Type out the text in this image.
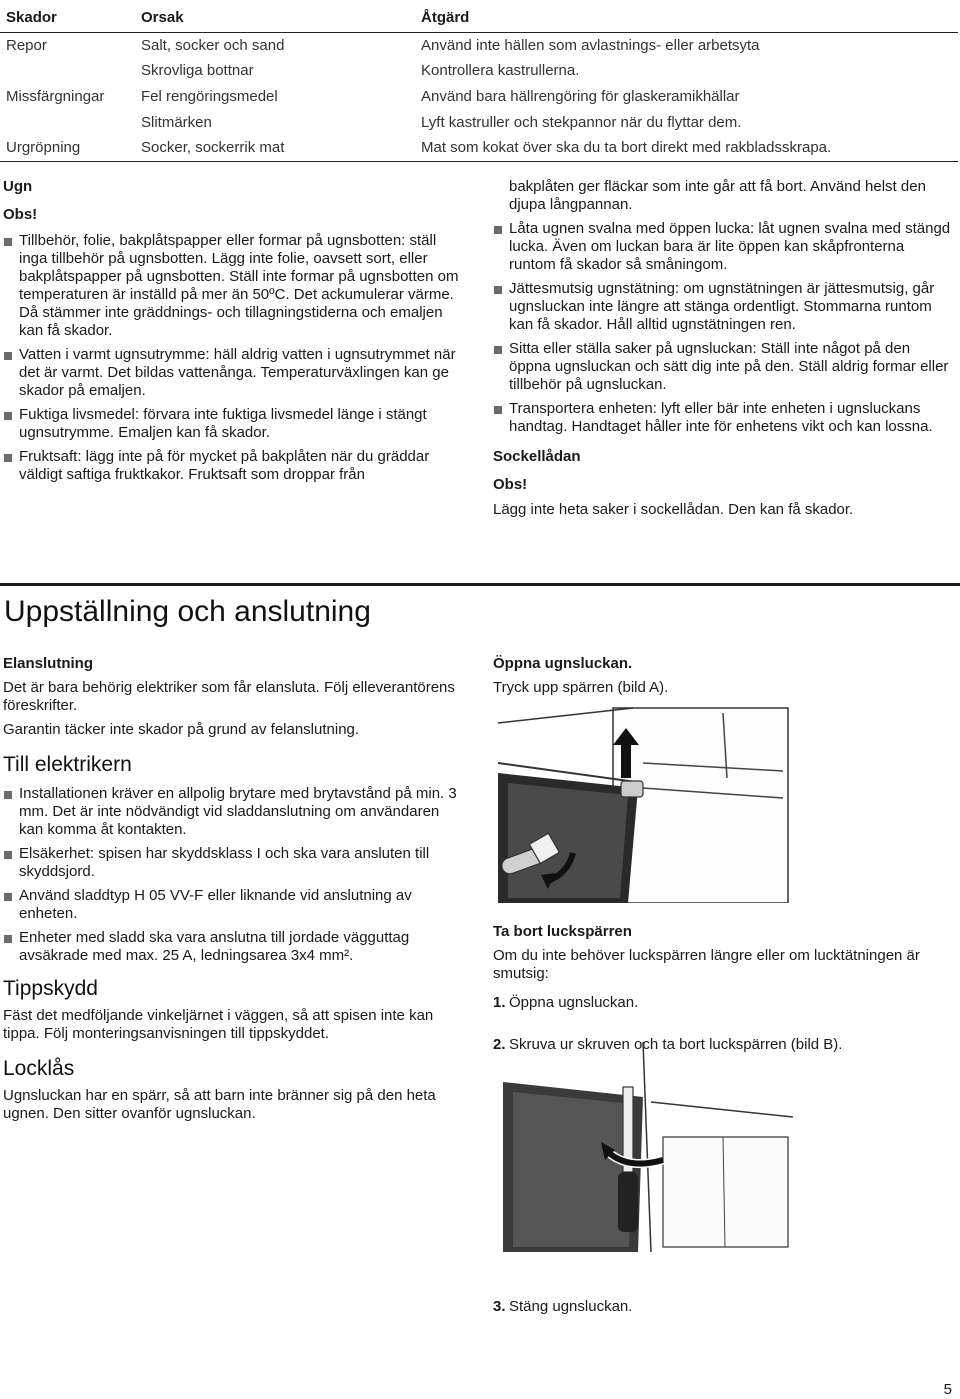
Skador	Orsak	Åtgärd
Repor	Salt, socker och sand	Använd inte hällen som avlastnings- eller arbetsyta
	Skrovliga bottnar	Kontrollera kastrullerna.
Missfärgningar	Fel rengöringsmedel	Använd bara hällrengöring för glaskeramikhällar
	Slitmärken	Lyft kastruller och stekpannor när du flyttar dem.
Urgröpning	Socker, sockerrik mat	Mat som kokat över ska du ta bort direkt med rakbladsskrapa.

Ugn

Obs!

Tillbehör, folie, bakplåtspapper eller formar på ugnsbotten: ställ inga tillbehör på ugnsbotten. Lägg inte folie, oavsett sort, eller bakplåtspapper på ugnsbotten. Ställ inte formar på ugnsbotten om temperaturen är inställd på mer än 50ºC. Det ackumulerar värme. Då stämmer inte gräddnings- och tillagningstiderna och emaljen kan få skador.

Vatten i varmt ugnsutrymme: häll aldrig vatten i ugnsutrymmet när det är varmt. Det bildas vattenånga. Temperaturväxlingen kan ge skador på emaljen.

Fuktiga livsmedel: förvara inte fuktiga livsmedel länge i stängt ugnsutrymme. Emaljen kan få skador.

Fruktsaft: lägg inte på för mycket på bakplåten när du gräddar väldigt saftiga fruktkakor. Fruktsaft som droppar från

bakplåten ger fläckar som inte går att få bort. Använd helst den djupa långpannan.

Låta ugnen svalna med öppen lucka: låt ugnen svalna med stängd lucka. Även om luckan bara är lite öppen kan skåpfronterna runtom få skador så småningom.

Jättesmutsig ugnstätning: om ugnstätningen är jättesmutsig, går ugnsluckan inte längre att stänga ordentligt. Stommarna runtom kan få skador. Håll alltid ugnstätningen ren.

Sitta eller ställa saker på ugnsluckan: Ställ inte något på den öppna ugnsluckan och sätt dig inte på den. Ställ aldrig formar eller tillbehör på ugnsluckan.

Transportera enheten: lyft eller bär inte enheten i ugnsluckans handtag. Handtaget håller inte för enhetens vikt och kan lossna.

Sockellådan

Obs!

Lägg inte heta saker i sockellådan. Den kan få skador.

Uppställning och anslutning

Elanslutning

Det är bara behörig elektriker som får elansluta. Följ elleverantörens föreskrifter.

Garantin täcker inte skador på grund av felanslutning.

Till elektrikern

Installationen kräver en allpolig brytare med brytavstånd på min. 3 mm. Det är inte nödvändigt vid sladdanslutning om användaren kan komma åt kontakten.

Elsäkerhet: spisen har skyddsklass I och ska vara ansluten till skyddsjord.

Använd sladdtyp H 05 VV-F eller liknande vid anslutning av enheten.

Enheter med sladd ska vara anslutna till jordade vägguttag avsäkrade med max. 25 A, ledningsarea 3x4 mm².

Tippskydd

Fäst det medföljande vinkeljärnet i väggen, så att spisen inte kan tippa. Följ monteringsanvisningen till tippskyddet.

Locklås

Ugnsluckan har en spärr, så att barn inte bränner sig på den heta ugnen. Den sitter ovanför ugnsluckan.

Öppna ugnsluckan.

Tryck upp spärren (bild A).

Ta bort luckspärren

Om du inte behöver luckspärren längre eller om lucktätningen är smutsig:

1. Öppna ugnsluckan.
2. Skruva ur skruven och ta bort luckspärren (bild B).
3. Stäng ugnsluckan.
5
